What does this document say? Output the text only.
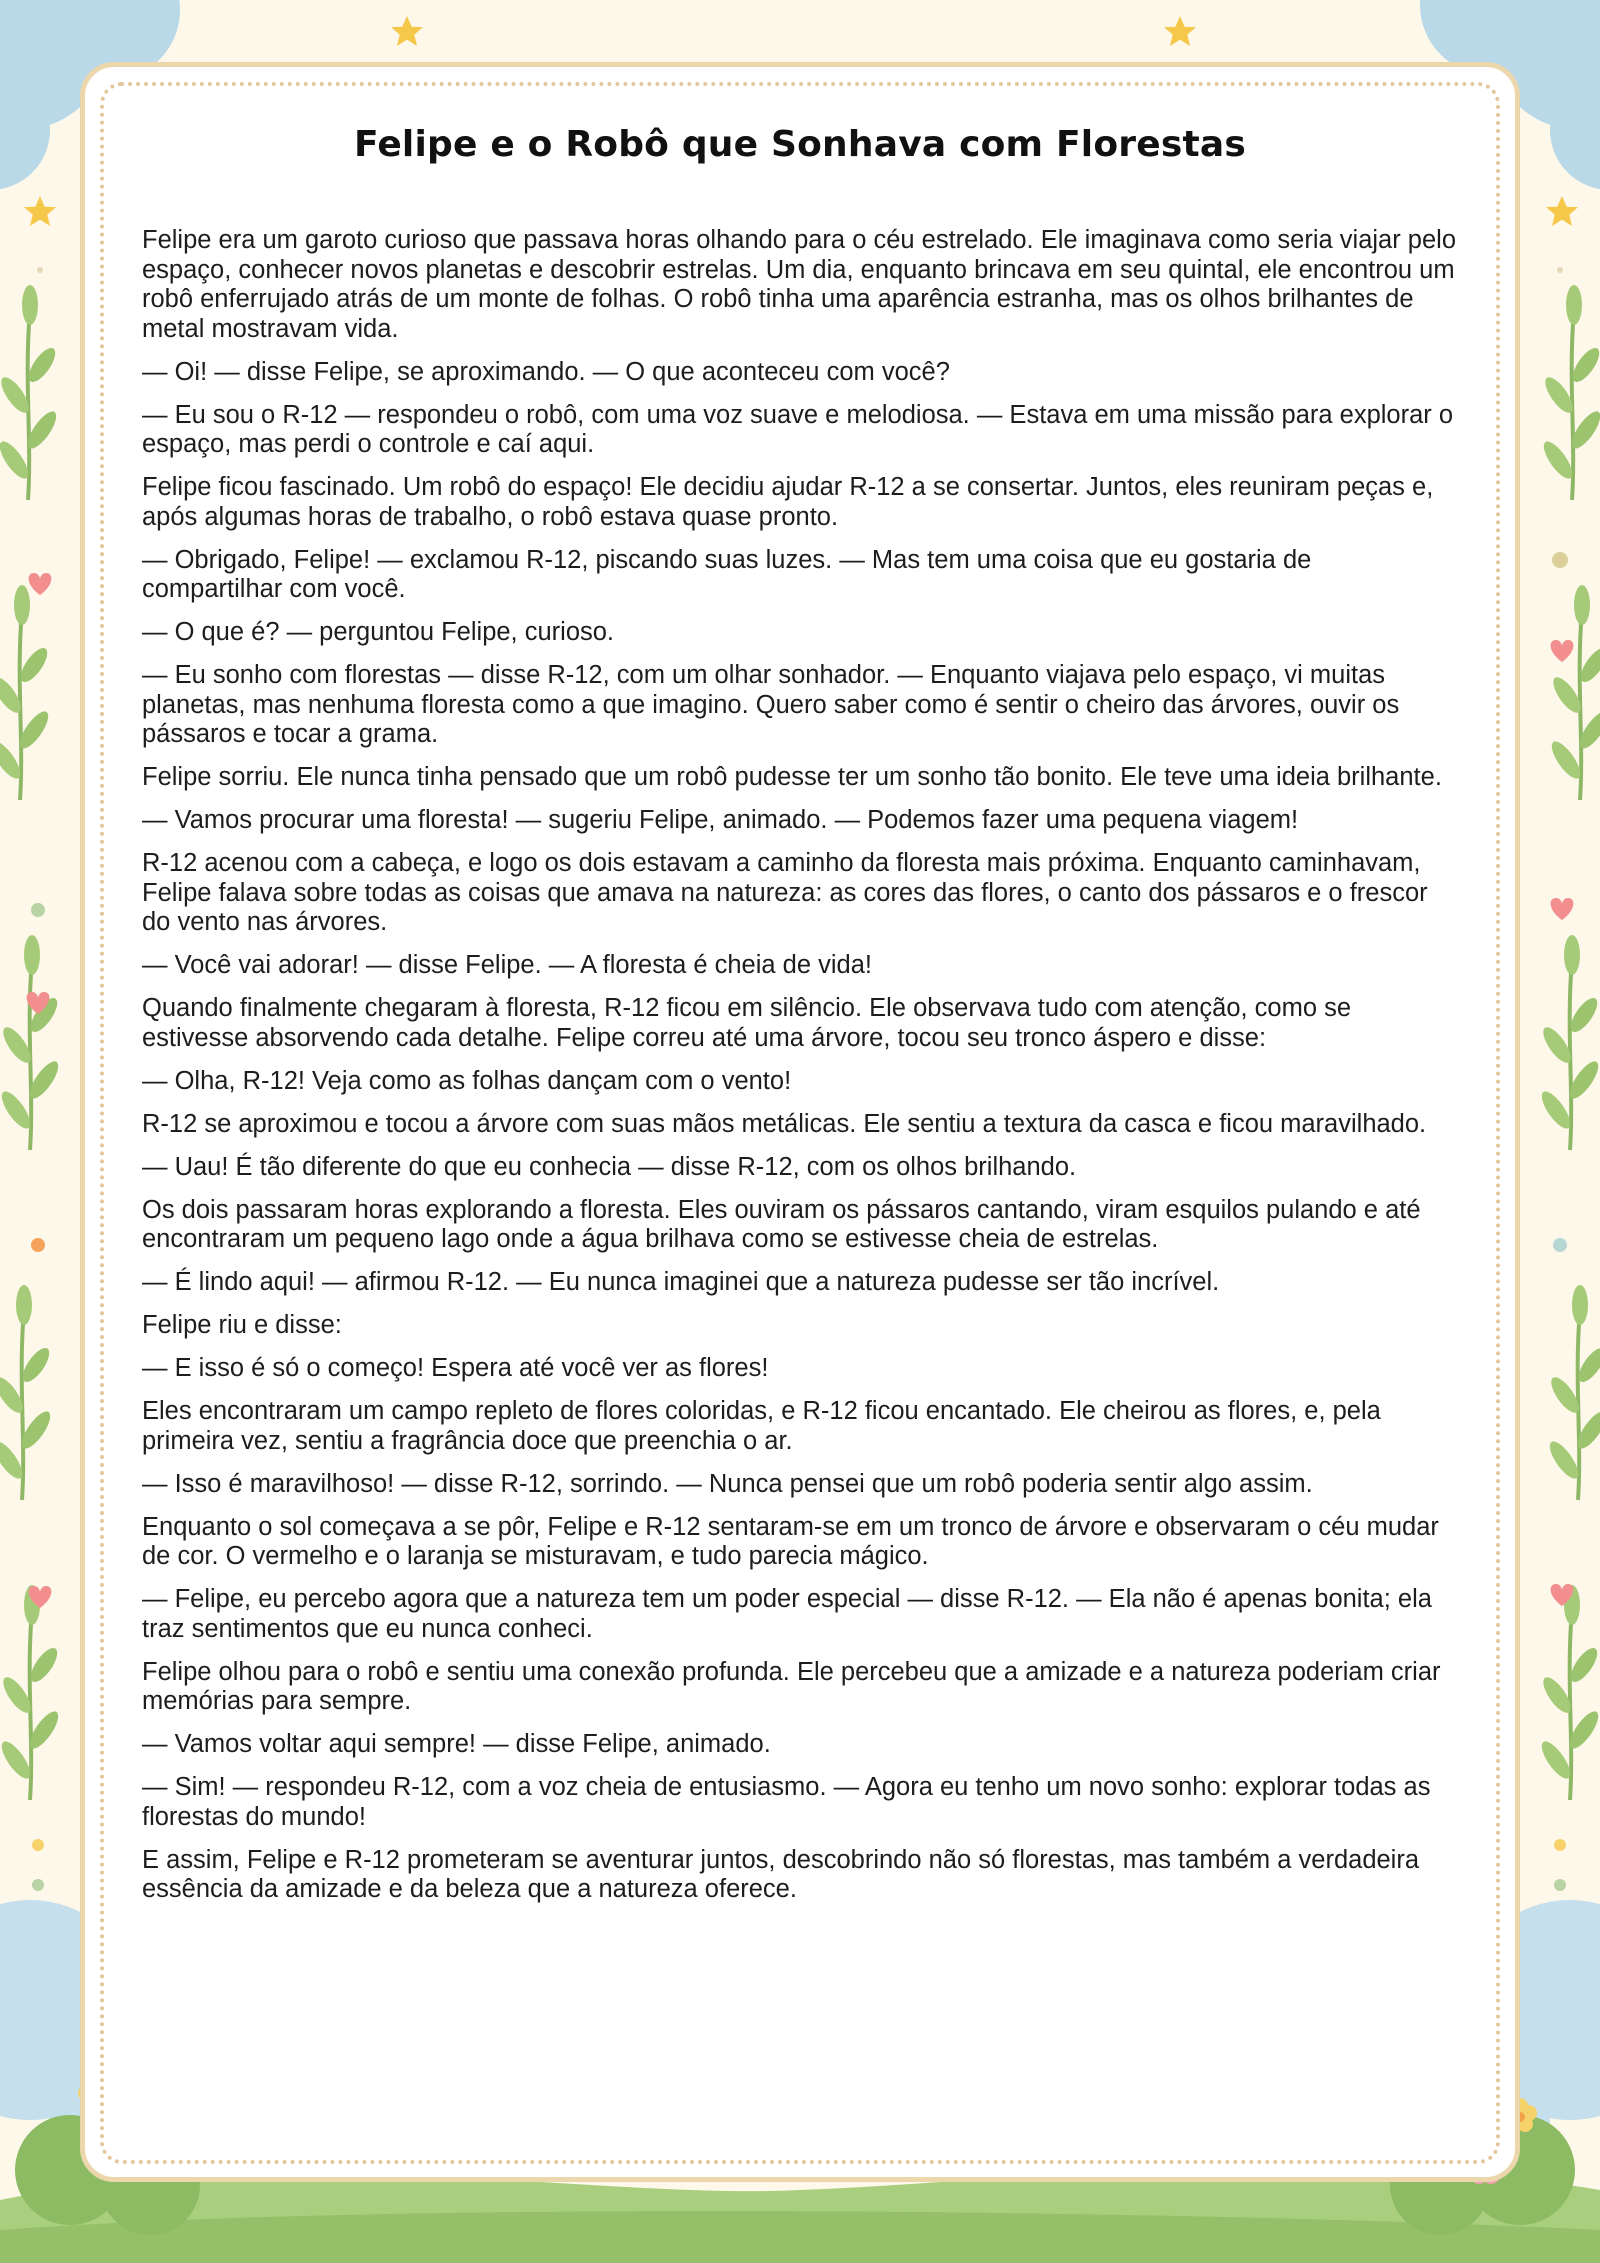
Felipe e o Robô que Sonhava com Florestas

Felipe era um garoto curioso que passava horas olhando para o céu estrelado. Ele imaginava como seria viajar pelo espaço, conhecer novos planetas e descobrir estrelas. Um dia, enquanto brincava em seu quintal, ele encontrou um robô enferrujado atrás de um monte de folhas. O robô tinha uma aparência estranha, mas os olhos brilhantes de metal mostravam vida.

— Oi! — disse Felipe, se aproximando. — O que aconteceu com você?

— Eu sou o R-12 — respondeu o robô, com uma voz suave e melodiosa. — Estava em uma missão para explorar o espaço, mas perdi o controle e caí aqui.

Felipe ficou fascinado. Um robô do espaço! Ele decidiu ajudar R-12 a se consertar. Juntos, eles reuniram peças e, após algumas horas de trabalho, o robô estava quase pronto.

— Obrigado, Felipe! — exclamou R-12, piscando suas luzes. — Mas tem uma coisa que eu gostaria de compartilhar com você.

— O que é? — perguntou Felipe, curioso.

— Eu sonho com florestas — disse R-12, com um olhar sonhador. — Enquanto viajava pelo espaço, vi muitas planetas, mas nenhuma floresta como a que imagino. Quero saber como é sentir o cheiro das árvores, ouvir os pássaros e tocar a grama.

Felipe sorriu. Ele nunca tinha pensado que um robô pudesse ter um sonho tão bonito. Ele teve uma ideia brilhante.

— Vamos procurar uma floresta! — sugeriu Felipe, animado. — Podemos fazer uma pequena viagem!

R-12 acenou com a cabeça, e logo os dois estavam a caminho da floresta mais próxima. Enquanto caminhavam, Felipe falava sobre todas as coisas que amava na natureza: as cores das flores, o canto dos pássaros e o frescor do vento nas árvores.

— Você vai adorar! — disse Felipe. — A floresta é cheia de vida!

Quando finalmente chegaram à floresta, R-12 ficou em silêncio. Ele observava tudo com atenção, como se estivesse absorvendo cada detalhe. Felipe correu até uma árvore, tocou seu tronco áspero e disse:

— Olha, R-12! Veja como as folhas dançam com o vento!

R-12 se aproximou e tocou a árvore com suas mãos metálicas. Ele sentiu a textura da casca e ficou maravilhado.

— Uau! É tão diferente do que eu conhecia — disse R-12, com os olhos brilhando.

Os dois passaram horas explorando a floresta. Eles ouviram os pássaros cantando, viram esquilos pulando e até encontraram um pequeno lago onde a água brilhava como se estivesse cheia de estrelas.

— É lindo aqui! — afirmou R-12. — Eu nunca imaginei que a natureza pudesse ser tão incrível.

Felipe riu e disse:

— E isso é só o começo! Espera até você ver as flores!

Eles encontraram um campo repleto de flores coloridas, e R-12 ficou encantado. Ele cheirou as flores, e, pela primeira vez, sentiu a fragrância doce que preenchia o ar.

— Isso é maravilhoso! — disse R-12, sorrindo. — Nunca pensei que um robô poderia sentir algo assim.

Enquanto o sol começava a se pôr, Felipe e R-12 sentaram-se em um tronco de árvore e observaram o céu mudar de cor. O vermelho e o laranja se misturavam, e tudo parecia mágico.

— Felipe, eu percebo agora que a natureza tem um poder especial — disse R-12. — Ela não é apenas bonita; ela traz sentimentos que eu nunca conheci.

Felipe olhou para o robô e sentiu uma conexão profunda. Ele percebeu que a amizade e a natureza poderiam criar memórias para sempre.

— Vamos voltar aqui sempre! — disse Felipe, animado.

— Sim! — respondeu R-12, com a voz cheia de entusiasmo. — Agora eu tenho um novo sonho: explorar todas as florestas do mundo!

E assim, Felipe e R-12 prometeram se aventurar juntos, descobrindo não só florestas, mas também a verdadeira essência da amizade e da beleza que a natureza oferece.
